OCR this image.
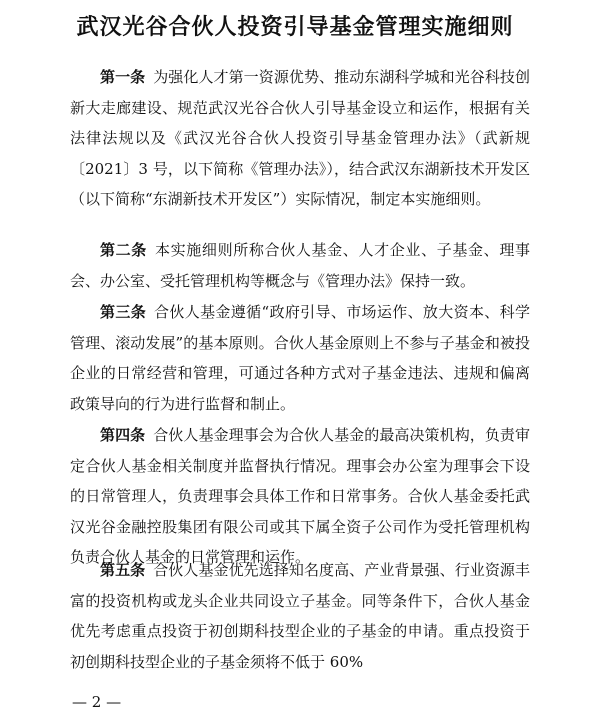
武汉光谷合伙人投资引导基金管理实施细则

第一条 为强化人才第一资源优势、推动东湖科学城和光谷科技创新大走廊建设、规范武汉光谷合伙人引导基金设立和运作，根据有关法律法规以及《武汉光谷合伙人投资引导基金管理办法》（武新规〔2021〕3 号，以下简称《管理办法》），结合武汉东湖新技术开发区（以下简称“东湖新技术开发区”）实际情况，制定本实施细则。

第二条 本实施细则所称合伙人基金、人才企业、子基金、理事会、办公室、受托管理机构等概念与《管理办法》保持一致。

第三条 合伙人基金遵循“政府引导、市场运作、放大资本、科学管理、滚动发展”的基本原则。合伙人基金原则上不参与子基金和被投企业的日常经营和管理，可通过各种方式对子基金违法、违规和偏离政策导向的行为进行监督和制止。

第四条 合伙人基金理事会为合伙人基金的最高决策机构，负责审定合伙人基金相关制度并监督执行情况。理事会办公室为理事会下设的日常管理人，负责理事会具体工作和日常事务。合伙人基金委托武汉光谷金融控股集团有限公司或其下属全资子公司作为受托管理机构负责合伙人基金的日常管理和运作。

第五条 合伙人基金优先选择知名度高、产业背景强、行业资源丰富的投资机构或龙头企业共同设立子基金。同等条件下，合伙人基金优先考虑重点投资于初创期科技型企业的子基金的申请。重点投资于初创期科技型企业的子基金须将不低于 60%

— 2 —
